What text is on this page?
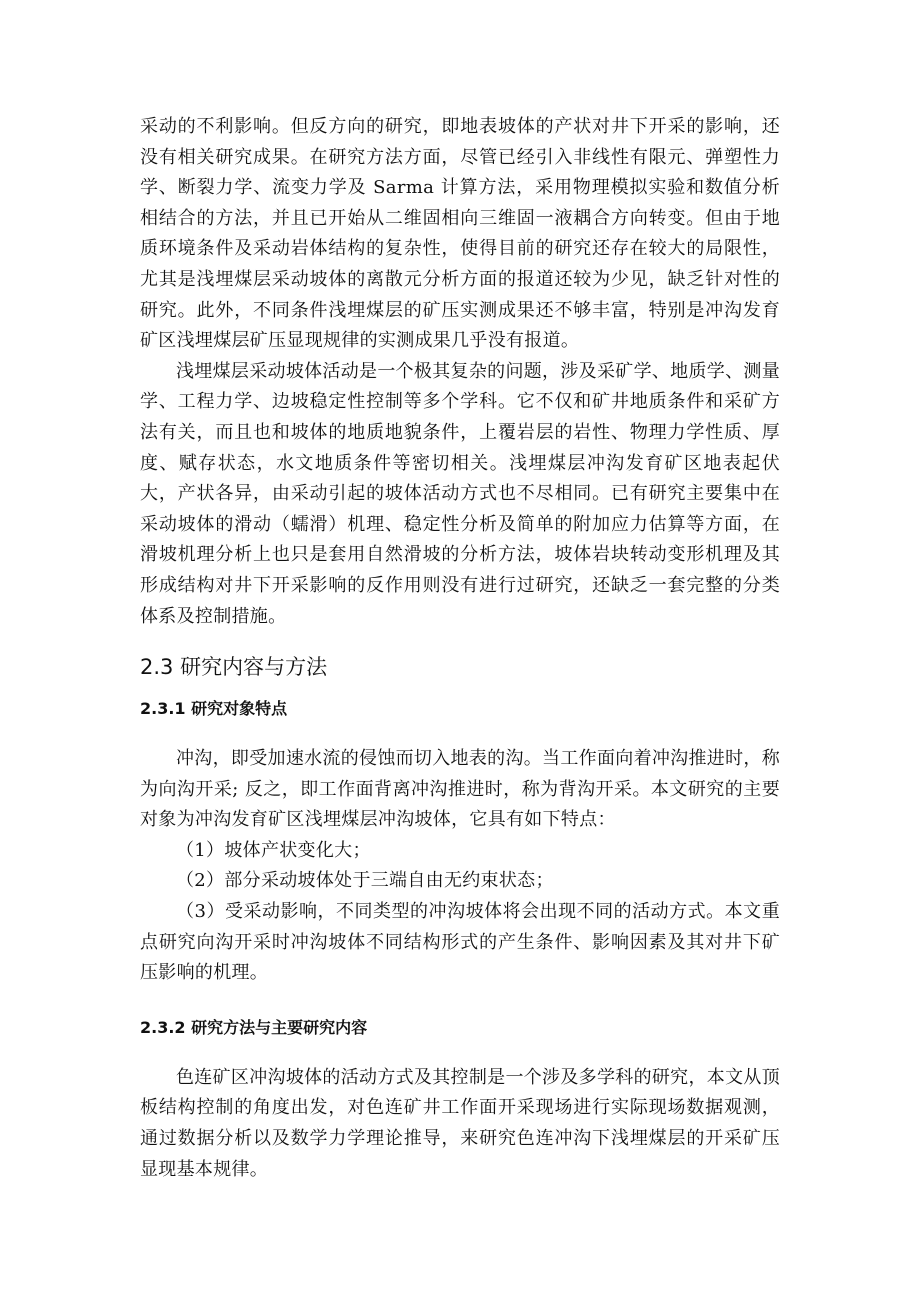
采动的不利影响。但反方向的研究，即地表坡体的产状对井下开采的影响，还没有相关研究成果。在研究方法方面，尽管已经引入非线性有限元、弹塑性力学、断裂力学、流变力学及 Sarma 计算方法，采用物理模拟实验和数值分析相结合的方法，并且已开始从二维固相向三维固一液耦合方向转变。但由于地质环境条件及采动岩体结构的复杂性，使得目前的研究还存在较大的局限性，尤其是浅埋煤层采动坡体的离散元分析方面的报道还较为少见，缺乏针对性的研究。此外，不同条件浅埋煤层的矿压实测成果还不够丰富，特别是冲沟发育矿区浅埋煤层矿压显现规律的实测成果几乎没有报道。

浅埋煤层采动坡体活动是一个极其复杂的问题，涉及采矿学、地质学、测量学、工程力学、边坡稳定性控制等多个学科。它不仅和矿井地质条件和采矿方法有关，而且也和坡体的地质地貌条件，上覆岩层的岩性、物理力学性质、厚度、赋存状态，水文地质条件等密切相关。浅埋煤层冲沟发育矿区地表起伏大，产状各异，由采动引起的坡体活动方式也不尽相同。已有研究主要集中在采动坡体的滑动（蠕滑）机理、稳定性分析及简单的附加应力估算等方面，在滑坡机理分析上也只是套用自然滑坡的分析方法，坡体岩块转动变形机理及其形成结构对井下开采影响的反作用则没有进行过研究，还缺乏一套完整的分类体系及控制措施。

2.3 研究内容与方法
2.3.1 研究对象特点

冲沟，即受加速水流的侵蚀而切入地表的沟。当工作面向着冲沟推进时，称为向沟开采; 反之，即工作面背离冲沟推进时，称为背沟开采。本文研究的主要对象为冲沟发育矿区浅埋煤层冲沟坡体，它具有如下特点：

（1）坡体产状变化大；

（2）部分采动坡体处于三端自由无约束状态；

（3）受采动影响，不同类型的冲沟坡体将会出现不同的活动方式。本文重点研究向沟开采时冲沟坡体不同结构形式的产生条件、影响因素及其对井下矿压影响的机理。

2.3.2 研究方法与主要研究内容

色连矿区冲沟坡体的活动方式及其控制是一个涉及多学科的研究，本文从顶板结构控制的角度出发，对色连矿井工作面开采现场进行实际现场数据观测，通过数据分析以及数学力学理论推导，来研究色连冲沟下浅埋煤层的开采矿压显现基本规律。
